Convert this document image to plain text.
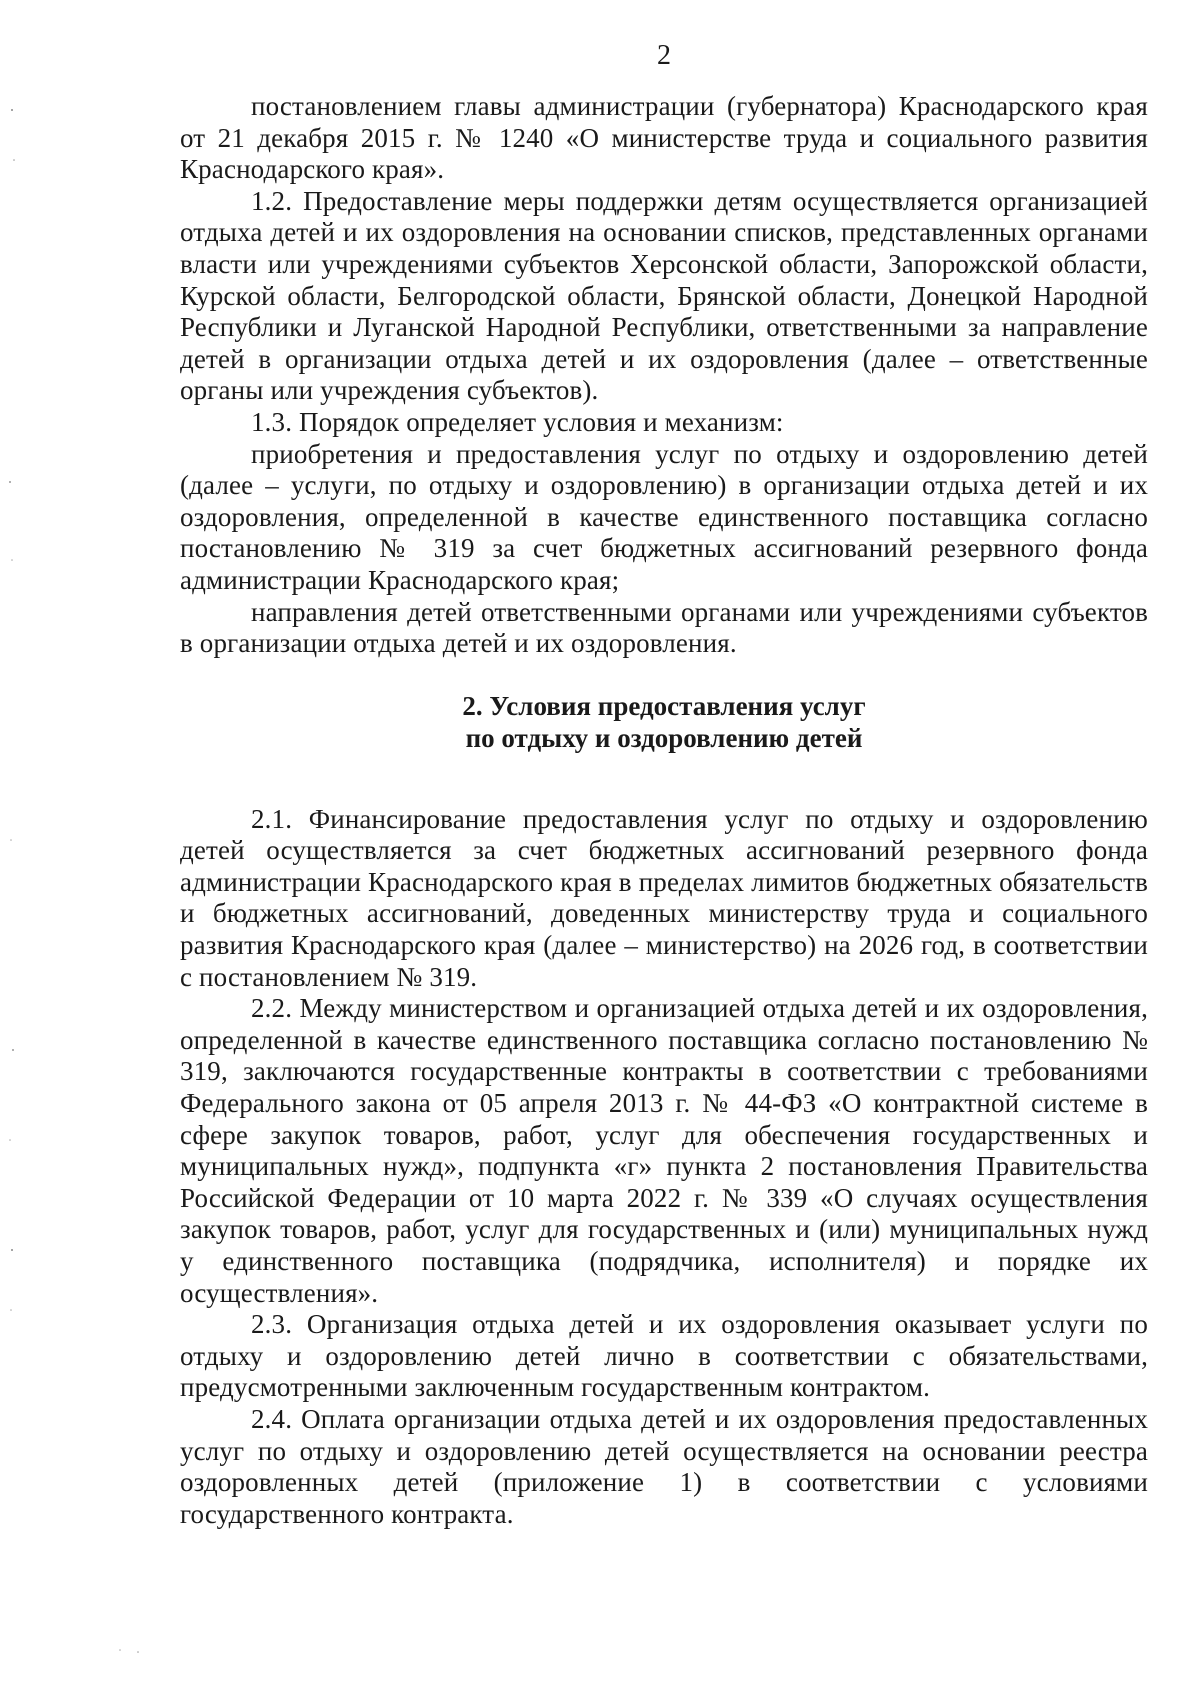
2

постановлением главы администрации (губернатора) Краснодарского края от 21 декабря 2015 г. № 1240 «О министерстве труда и социального развития Краснодарского края».

1.2. Предоставление меры поддержки детям осуществляется организацией отдыха детей и их оздоровления на основании списков, представленных органами власти или учреждениями субъектов Херсонской области, Запорожской области, Курской области, Белгородской области, Брянской области, Донецкой Народной Республики и Луганской Народной Республики, ответственными за направление детей в организации отдыха детей и их оздоровления (далее – ответственные органы или учреждения субъектов).

1.3. Порядок определяет условия и механизм:

приобретения и предоставления услуг по отдыху и оздоровлению детей (далее – услуги, по отдыху и оздоровлению) в организации отдыха детей и их оздоровления, определенной в качестве единственного поставщика согласно постановлению № 319 за счет бюджетных ассигнований резервного фонда администрации Краснодарского края;

направления детей ответственными органами или учреждениями субъектов в организации отдыха детей и их оздоровления.

2. Условия предоставления услуг

по отдыху и оздоровлению детей

2.1. Финансирование предоставления услуг по отдыху и оздоровлению детей осуществляется за счет бюджетных ассигнований резервного фонда администрации Краснодарского края в пределах лимитов бюджетных обязательств и бюджетных ассигнований, доведенных министерству труда и социального развития Краснодарского края (далее – министерство) на 2026 год, в соответствии с постановлением № 319.

2.2. Между министерством и организацией отдыха детей и их оздоровления, определенной в качестве единственного поставщика согласно постановлению № 319, заключаются государственные контракты в соответствии с требованиями Федерального закона от 05 апреля 2013 г. № 44-ФЗ «О контрактной системе в сфере закупок товаров, работ, услуг для обеспечения государственных и муниципальных нужд», подпункта «г» пункта 2 постановления Правительства Российской Федерации от 10 марта 2022 г. № 339 «О случаях осуществления закупок товаров, работ, услуг для государственных и (или) муниципальных нужд у единственного поставщика (подрядчика, исполнителя) и порядке их осуществления».

2.3. Организация отдыха детей и их оздоровления оказывает услуги по отдыху и оздоровлению детей лично в соответствии с обязательствами, предусмотренными заключенным государственным контрактом.

2.4. Оплата организации отдыха детей и их оздоровления предоставленных услуг по отдыху и оздоровлению детей осуществляется на основании реестра оздоровленных детей (приложение 1) в соответствии с условиями государственного контракта.
